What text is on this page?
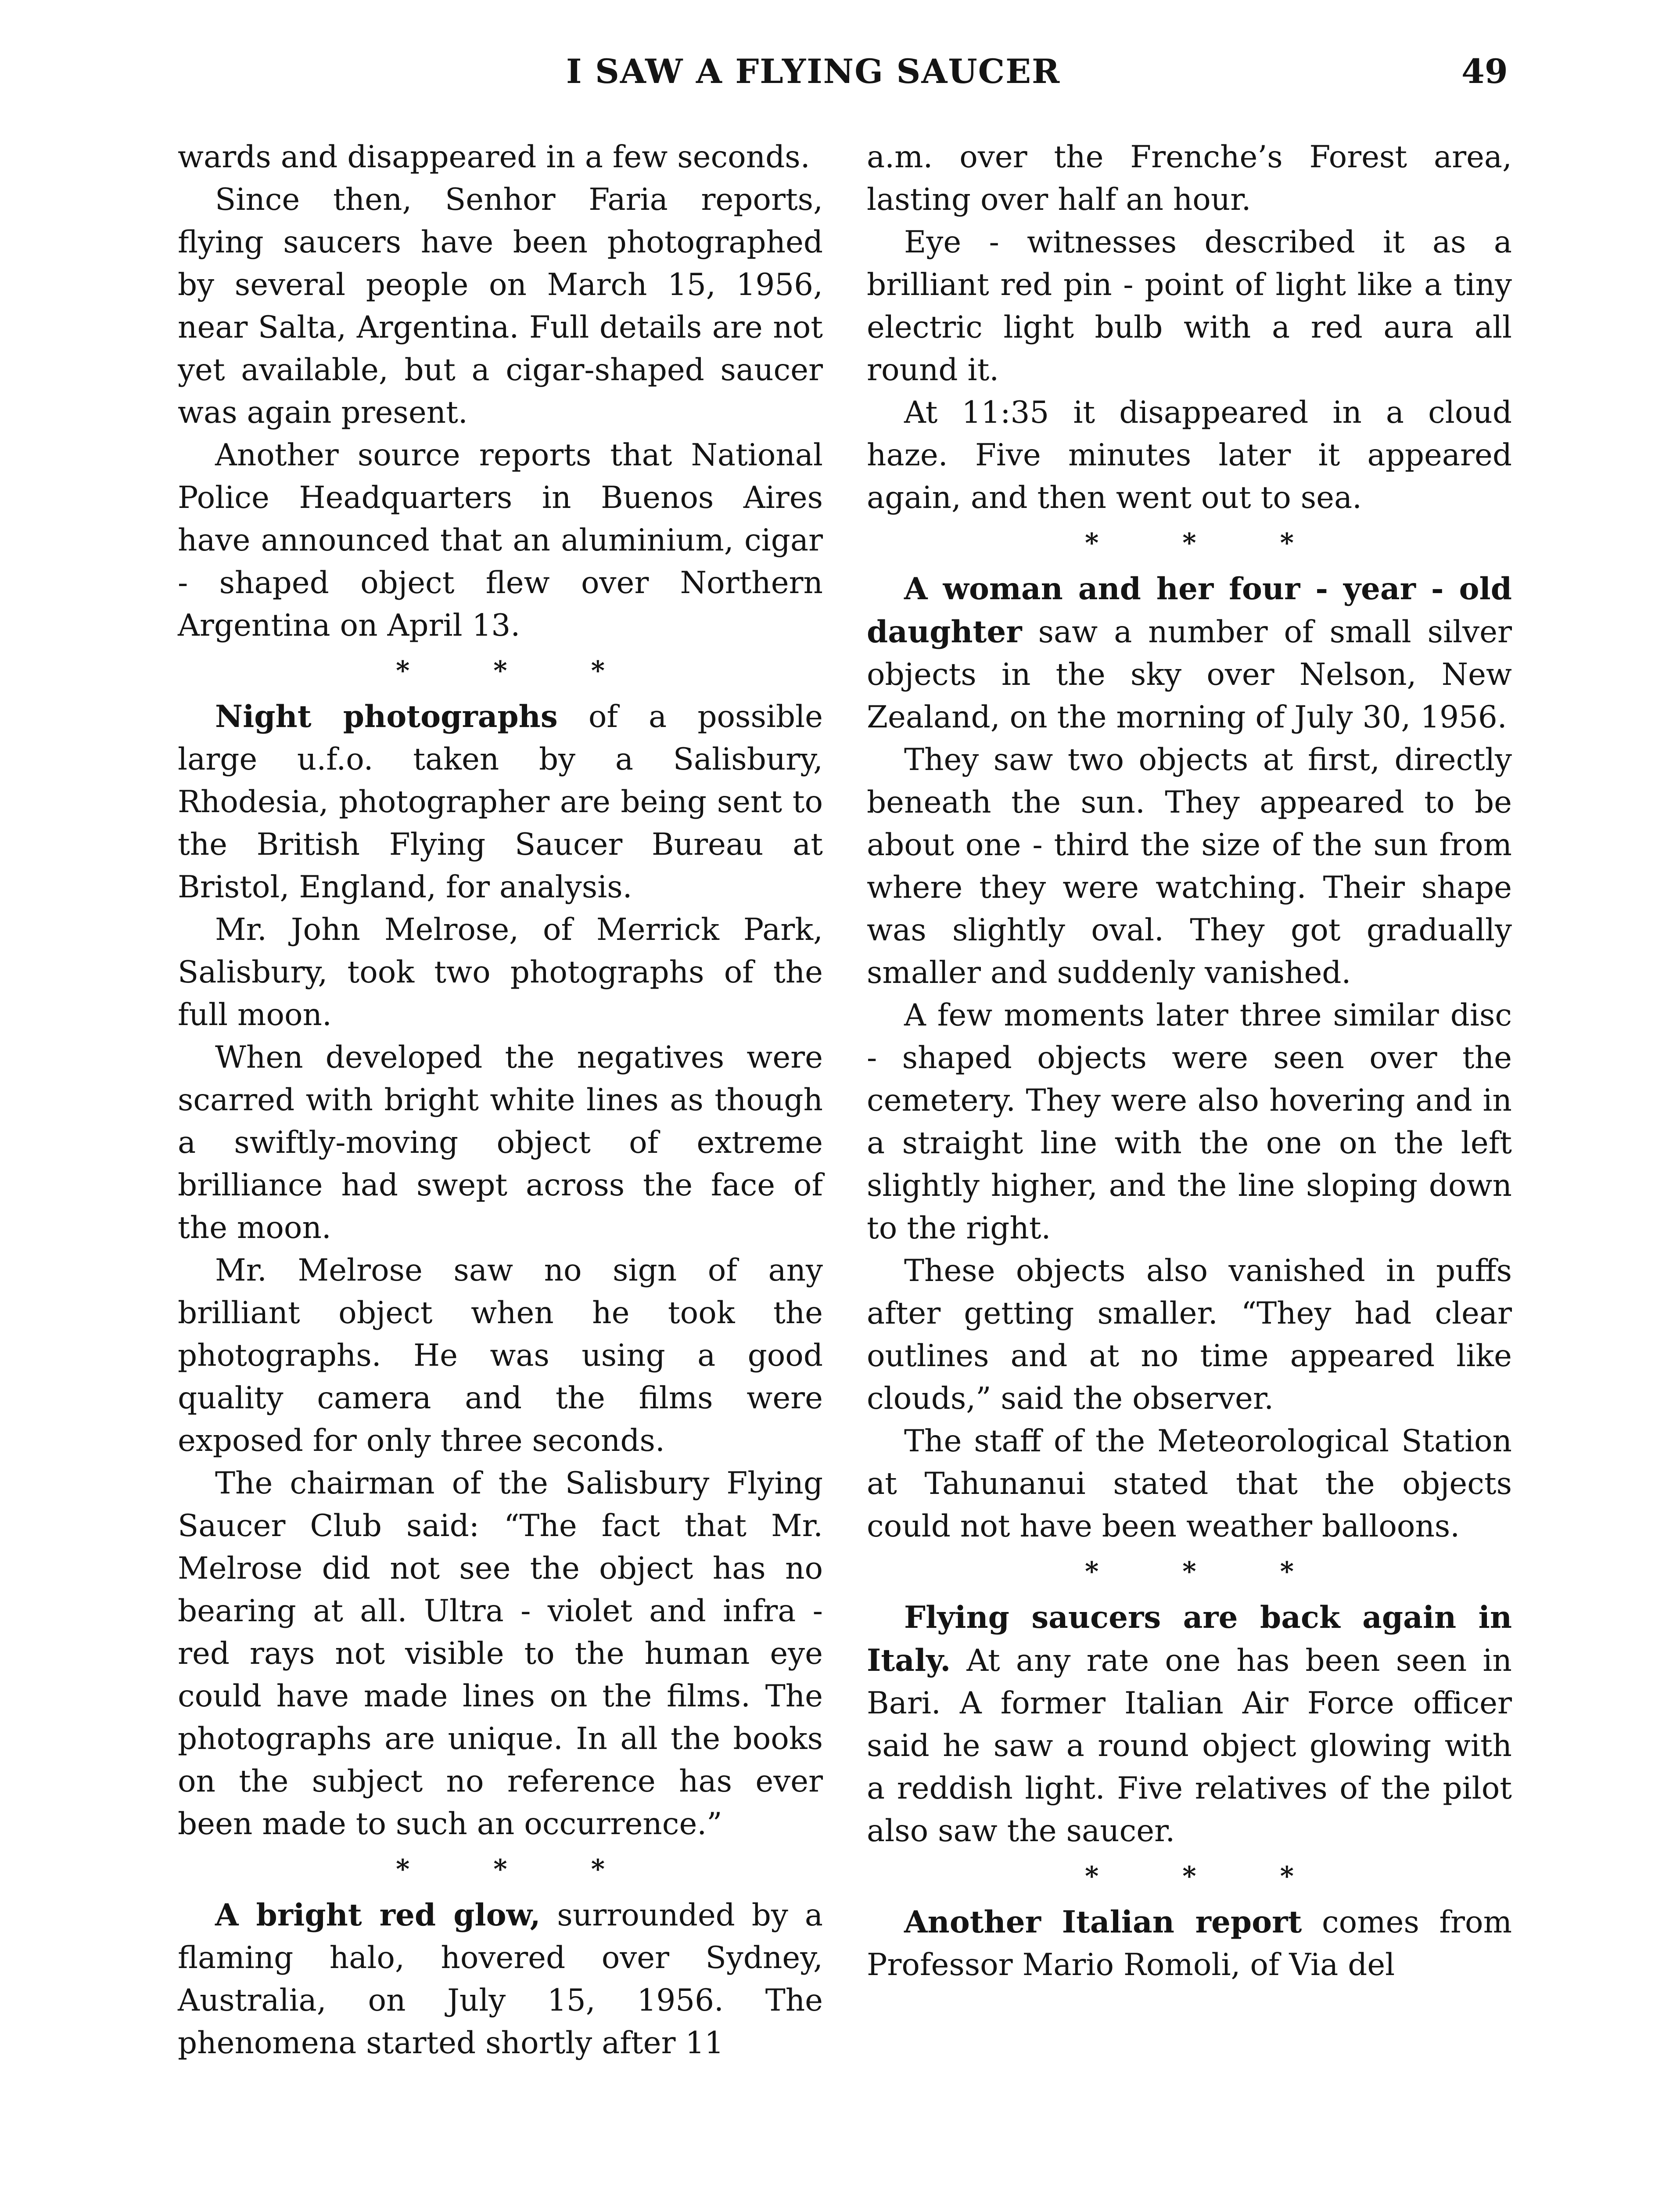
I SAW A FLYING SAUCER	49

wards and disappeared in a few seconds.

Since then, Senhor Faria reports, flying saucers have been photographed by several people on March 15, 1956, near Salta, Argentina. Full details are not yet available, but a cigar-shaped saucer was again present.

Another source reports that National Police Headquarters in Buenos Aires have announced that an aluminium, cigar - shaped object flew over Northern Argentina on April 13.

* * *

Night photographs of a possible large u.f.o. taken by a Salisbury, Rhodesia, photographer are being sent to the British Flying Saucer Bureau at Bristol, England, for analysis.

Mr. John Melrose, of Merrick Park, Salisbury, took two photographs of the full moon.

When developed the negatives were scarred with bright white lines as though a swiftly-moving object of extreme brilliance had swept across the face of the moon.

Mr. Melrose saw no sign of any brilliant object when he took the photographs. He was using a good quality camera and the films were exposed for only three seconds.

The chairman of the Salisbury Flying Saucer Club said: “The fact that Mr. Melrose did not see the object has no bearing at all. Ultra - violet and infra - red rays not visible to the human eye could have made lines on the films. The photographs are unique. In all the books on the subject no reference has ever been made to such an occurrence.”

* * *

A bright red glow, surrounded by a flaming halo, hovered over Sydney, Australia, on July 15, 1956. The phenomena started shortly after 11

a.m. over the Frenche’s Forest area, lasting over half an hour.

Eye - witnesses described it as a brilliant red pin - point of light like a tiny electric light bulb with a red aura all round it.

At 11:35 it disappeared in a cloud haze. Five minutes later it appeared again, and then went out to sea.

* * *

A woman and her four - year - old daughter saw a number of small silver objects in the sky over Nelson, New Zealand, on the morning of July 30, 1956.

They saw two objects at first, directly beneath the sun. They appeared to be about one - third the size of the sun from where they were watching. Their shape was slightly oval. They got gradually smaller and suddenly vanished.

A few moments later three similar disc - shaped objects were seen over the cemetery. They were also hovering and in a straight line with the one on the left slightly higher, and the line sloping down to the right.

These objects also vanished in puffs after getting smaller. “They had clear outlines and at no time appeared like clouds,” said the observer.

The staff of the Meteorological Station at Tahunanui stated that the objects could not have been weather balloons.

* * *

Flying saucers are back again in Italy. At any rate one has been seen in Bari. A former Italian Air Force officer said he saw a round object glowing with a reddish light. Five relatives of the pilot also saw the saucer.

* * *

Another Italian report comes from Professor Mario Romoli, of Via del
